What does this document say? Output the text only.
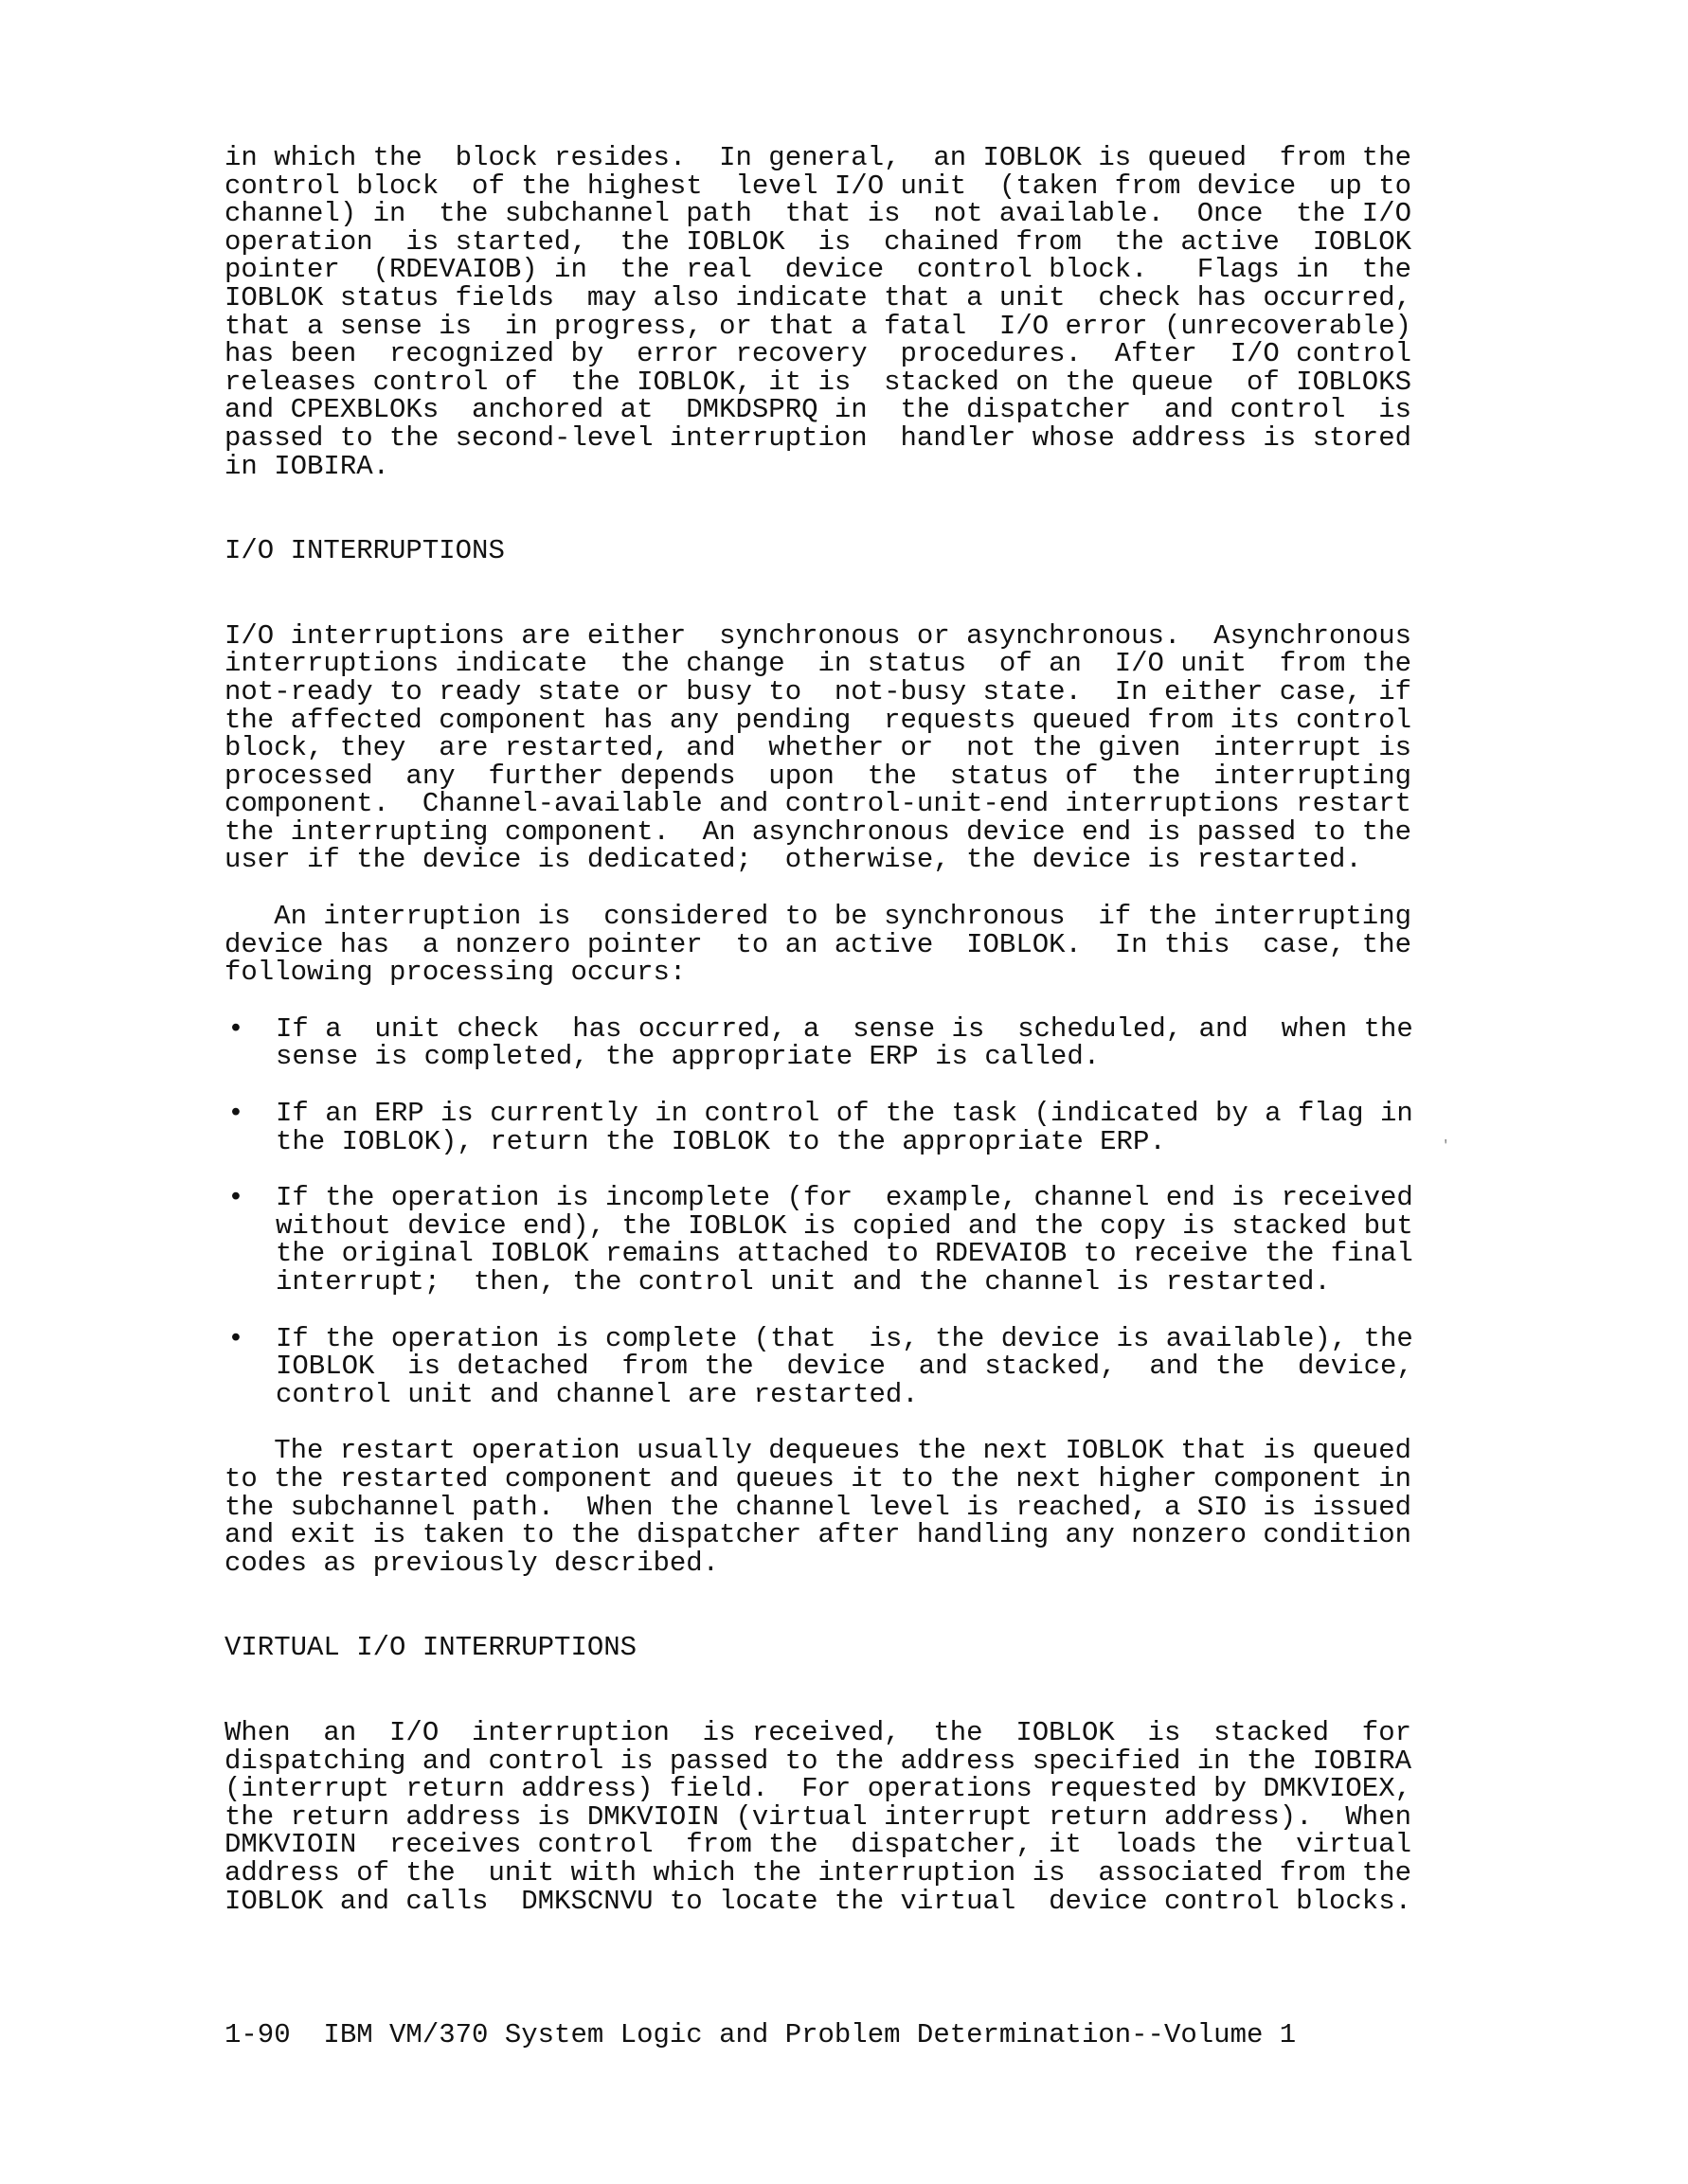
in which the  block resides.  In general,  an IOBLOK is queued  from the
control block  of the highest  level I/O unit  (taken from device  up to
channel) in  the subchannel path  that is  not available.  Once  the I/O
operation  is started,  the IOBLOK  is  chained from  the active  IOBLOK
pointer  (RDEVAIOB) in  the real  device  control block.   Flags in  the
IOBLOK status fields  may also indicate that a unit  check has occurred,
that a sense is  in progress, or that a fatal  I/O error (unrecoverable)
has been  recognized by  error recovery  procedures.  After  I/O control
releases control of  the IOBLOK, it is  stacked on the queue  of IOBLOKS
and CPEXBLOKs  anchored at  DMKDSPRQ in  the dispatcher  and control  is
passed to the second-level interruption  handler whose address is stored
in IOBIRA.

I/O INTERRUPTIONS

I/O interruptions are either  synchronous or asynchronous.  Asynchronous
interruptions indicate  the change  in status  of an  I/O unit  from the
not-ready to ready state or busy to  not-busy state.  In either case, if
the affected component has any pending  requests queued from its control
block, they  are restarted, and  whether or  not the given  interrupt is
processed  any  further depends  upon  the  status of  the  interrupting
component.  Channel-available and control-unit-end interruptions restart
the interrupting component.  An asynchronous device end is passed to the
user if the device is dedicated;  otherwise, the device is restarted.

An interruption is  considered to be synchronous  if the interrupting
device has  a nonzero pointer  to an active  IOBLOK.  In this  case, the
following processing occurs:

• If a  unit check  has occurred, a  sense is  scheduled, and  when the
sense is completed, the appropriate ERP is called.
• If an ERP is currently in control of the task (indicated by a flag in
the IOBLOK), return the IOBLOK to the appropriate ERP.
• If the operation is incomplete (for  example, channel end is received
without device end), the IOBLOK is copied and the copy is stacked but
the original IOBLOK remains attached to RDEVAIOB to receive the final
interrupt;  then, the control unit and the channel is restarted.
• If the operation is complete (that  is, the device is available), the
IOBLOK  is detached  from the  device  and stacked,  and the  device,
control unit and channel are restarted.

The restart operation usually dequeues the next IOBLOK that is queued
to the restarted component and queues it to the next higher component in
the subchannel path.  When the channel level is reached, a SIO is issued
and exit is taken to the dispatcher after handling any nonzero condition
codes as previously described.

VIRTUAL I/O INTERRUPTIONS

When  an  I/O  interruption  is received,  the  IOBLOK  is  stacked  for
dispatching and control is passed to the address specified in the IOBIRA
(interrupt return address) field.  For operations requested by DMKVIOEX,
the return address is DMKVIOIN (virtual interrupt return address).  When
DMKVIOIN  receives control  from the  dispatcher, it  loads the  virtual
address of the  unit with which the interruption is  associated from the
IOBLOK and calls  DMKSCNVU to locate the virtual  device control blocks.

1-90  IBM VM/370 System Logic and Problem Determination--Volume 1
'
